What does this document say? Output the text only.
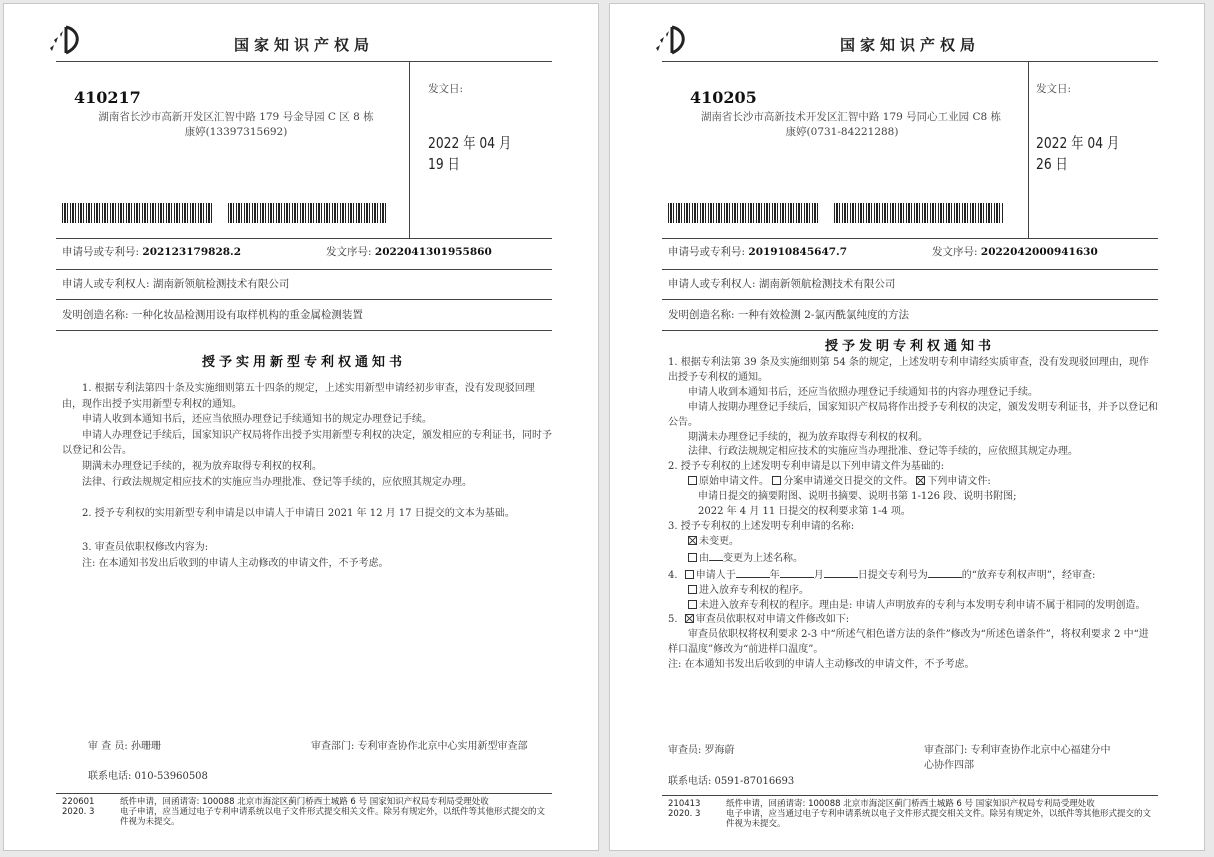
国家知识产权局
410217
湖南省长沙市高新开发区汇智中路 179 号金导园 C 区 8 栋
康婷(13397315692)
发文日:
2022 年 04 月 19 日
申请号或专利号: 202123179828.2	发文序号: 2022041301955860
申请人或专利权人: 湖南新领航检测技术有限公司
发明创造名称: 一种化妆品检测用设有取样机构的重金属检测装置
授予实用新型专利权通知书

1. 根据专利法第四十条及实施细则第五十四条的规定，上述实用新型申请经初步审查，没有发现驳回理由，现作出授予实用新型专利权的通知。

申请人收到本通知书后，还应当依照办理登记手续通知书的规定办理登记手续。

申请人办理登记手续后，国家知识产权局将作出授予实用新型专利权的决定，颁发相应的专利证书，同时予以登记和公告。

期满未办理登记手续的，视为放弃取得专利权的权利。

法律、行政法规规定相应技术的实施应当办理批准、登记等手续的，应依照其规定办理。

2. 授予专利权的实用新型专利申请是以申请人于申请日 2021 年 12 月 17 日提交的文本为基础。

3. 审查员依职权修改内容为:

注: 在本通知书发出后收到的申请人主动修改的申请文件，不予考虑。

审 查 员: 孙珊珊	审查部门: 专利审查协作北京中心实用新型审查部
联系电话: 010-53960508
220601
2020. 3
纸件申请，回函请寄: 100088 北京市海淀区蓟门桥西土城路 6 号 国家知识产权局专利局受理处收
电子申请，应当通过电子专利申请系统以电子文件形式提交相关文件。除另有规定外，以纸件等其他形式提交的文件视为未提交。
国家知识产权局
410205
湖南省长沙市高新技术开发区汇智中路 179 号同心工业园 C8 栋
康婷(0731-84221288)
发文日:
2022 年 04 月 26 日
申请号或专利号: 201910845647.7	发文序号: 2022042000941630
申请人或专利权人: 湖南新领航检测技术有限公司
发明创造名称: 一种有效检测 2-氯丙酰氯纯度的方法
授予发明专利权通知书

1. 根据专利法第 39 条及实施细则第 54 条的规定，上述发明专利申请经实质审查，没有发现驳回理由，现作出授予专利权的通知。

申请人收到本通知书后，还应当依照办理登记手续通知书的内容办理登记手续。

申请人按期办理登记手续后，国家知识产权局将作出授予专利权的决定，颁发发明专利证书，并予以登记和公告。

期满未办理登记手续的，视为放弃取得专利权的权利。

法律、行政法规规定相应技术的实施应当办理批准、登记等手续的，应依照其规定办理。

2. 授予专利权的上述发明专利申请是以下列申请文件为基础的:

原始申请文件。 分案申请递交日提交的文件。 下列申请文件:

申请日提交的摘要附图、说明书摘要、说明书第 1-126 段、说明书附图;

2022 年 4 月 11 日提交的权利要求第 1-4 项。

3. 授予专利权的上述发明专利申请的名称:

未变更。

由 变更为上述名称。

4. 申请人于	年	月	日提交专利号为	的“放弃专利权声明”，经审查:

进入放弃专利权的程序。

未进入放弃专利权的程序。理由是: 申请人声明放弃的专利与本发明专利申请不属于相同的发明创造。

5. 审查员依职权对申请文件修改如下:

审查员依职权将权利要求 2-3 中“所述气相色谱方法的条件”修改为“所述色谱条件”，将权利要求 2 中“进样口温度”修改为“前进样口温度”。

注: 在本通知书发出后收到的申请人主动修改的申请文件，不予考虑。

审查员: 罗海蔚	审查部门: 专利审查协作北京中心福建分中
心协作四部
联系电话: 0591-87016693
210413
2020. 3
纸件申请，回函请寄: 100088 北京市海淀区蓟门桥西土城路 6 号 国家知识产权局专利局受理处收
电子申请，应当通过电子专利申请系统以电子文件形式提交相关文件。除另有规定外，以纸件等其他形式提交的文件视为未提交。
